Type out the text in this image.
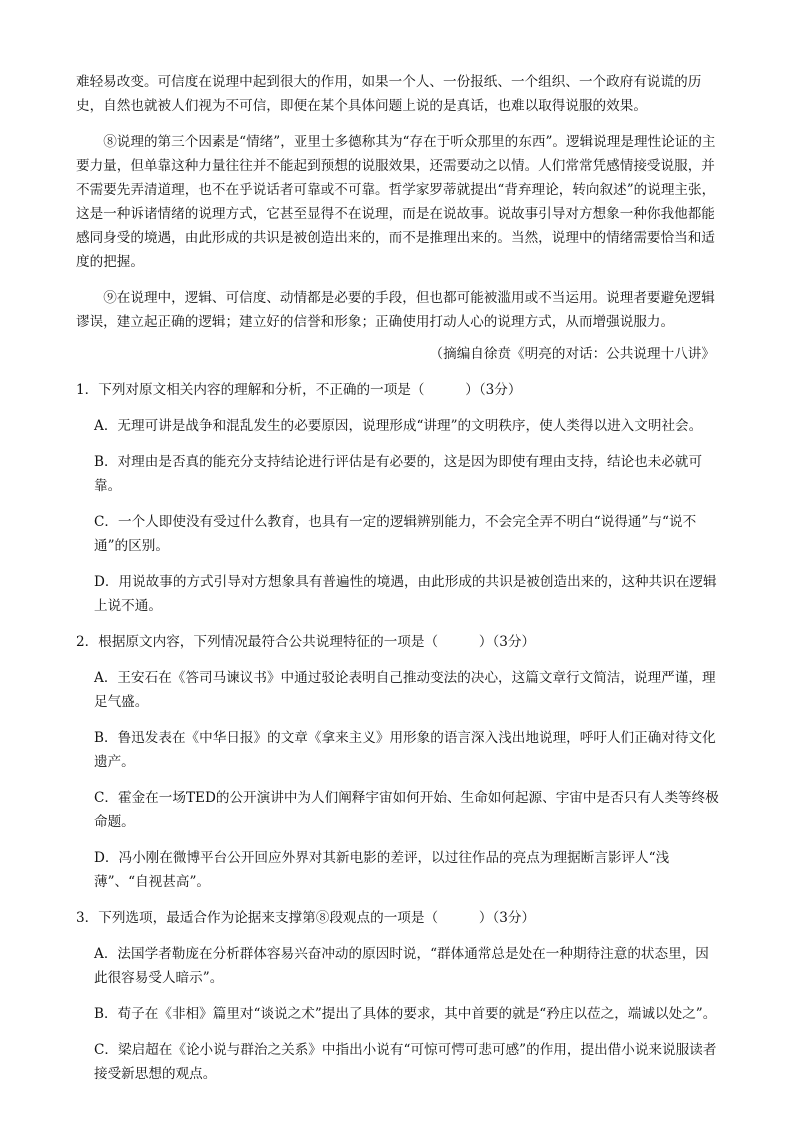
难轻易改变。可信度在说理中起到很大的作用，如果一个人、一份报纸、一个组织、一个政府有说谎的历史，自然也就被人们视为不可信，即便在某个具体问题上说的是真话，也难以取得说服的效果。

⑧说理的第三个因素是“情绪”，亚里士多德称其为“存在于听众那里的东西”。逻辑说理是理性论证的主要力量，但单靠这种力量往往并不能起到预想的说服效果，还需要动之以情。人们常常凭感情接受说服，并不需要先弄清道理，也不在乎说话者可靠或不可靠。哲学家罗蒂就提出“背弃理论，转向叙述”的说理主张，这是一种诉诸情绪的说理方式，它甚至显得不在说理，而是在说故事。说故事引导对方想象一种你我他都能感同身受的境遇，由此形成的共识是被创造出来的，而不是推理出来的。当然，说理中的情绪需要恰当和适度的把握。

⑨在说理中，逻辑、可信度、动情都是必要的手段，但也都可能被滥用或不当运用。说理者要避免逻辑谬误，建立起正确的逻辑；建立好的信誉和形象；正确使用打动人心的说理方式，从而增强说服力。

（摘编自徐贲《明亮的对话：公共说理十八讲》

1．下列对原文相关内容的理解和分析，不正确的一项是（　　　）（3分）

A．无理可讲是战争和混乱发生的必要原因，说理形成“讲理”的文明秩序，使人类得以进入文明社会。

B．对理由是否真的能充分支持结论进行评估是有必要的，这是因为即使有理由支持，结论也未必就可靠。

C．一个人即使没有受过什么教育，也具有一定的逻辑辨别能力，不会完全弄不明白“说得通”与“说不通”的区别。

D．用说故事的方式引导对方想象具有普遍性的境遇，由此形成的共识是被创造出来的，这种共识在逻辑上说不通。

2．根据原文内容，下列情况最符合公共说理特征的一项是（　　　）（3分）

A．王安石在《答司马谏议书》中通过驳论表明自己推动变法的决心，这篇文章行文简洁，说理严谨，理足气盛。

B．鲁迅发表在《中华日报》的文章《拿来主义》用形象的语言深入浅出地说理，呼吁人们正确对待文化遗产。

C．霍金在一场TED的公开演讲中为人们阐释宇宙如何开始、生命如何起源、宇宙中是否只有人类等终极命题。

D．冯小刚在微博平台公开回应外界对其新电影的差评，以过往作品的亮点为理据断言影评人“浅薄”、“自视甚高”。

3．下列选项，最适合作为论据来支撑第⑧段观点的一项是（　　　）（3分）

A．法国学者勒庞在分析群体容易兴奋冲动的原因时说，“群体通常总是处在一种期待注意的状态里，因此很容易受人暗示”。

B．荀子在《非相》篇里对“谈说之术”提出了具体的要求，其中首要的就是“矜庄以莅之，端诚以处之”。

C．梁启超在《论小说与群治之关系》中指出小说有“可惊可愕可悲可感”的作用，提出借小说来说服读者接受新思想的观点。
